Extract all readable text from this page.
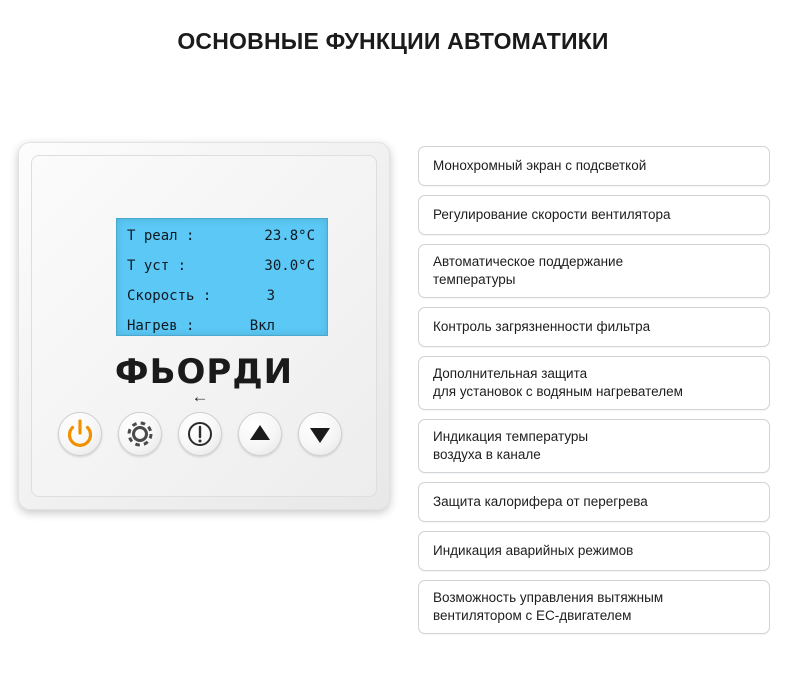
ОСНОВНЫЕ ФУНКЦИИ АВТОМАТИКИ
Т реал :	23.8°C
Т уст :	30.0°C
Скорость :	3
Нагрев :	Вкл
ФЬОРДИ
←
Монохромный экран с подсветкой
Регулирование скорости вентилятора
Автоматическое поддержание
температуры
Контроль загрязненности фильтра
Дополнительная защита
для установок с водяным нагревателем
Индикация температуры
воздуха в канале
Защита калорифера от перегрева
Индикация аварийных режимов
Возможность управления вытяжным
вентилятором с ЕС-двигателем
